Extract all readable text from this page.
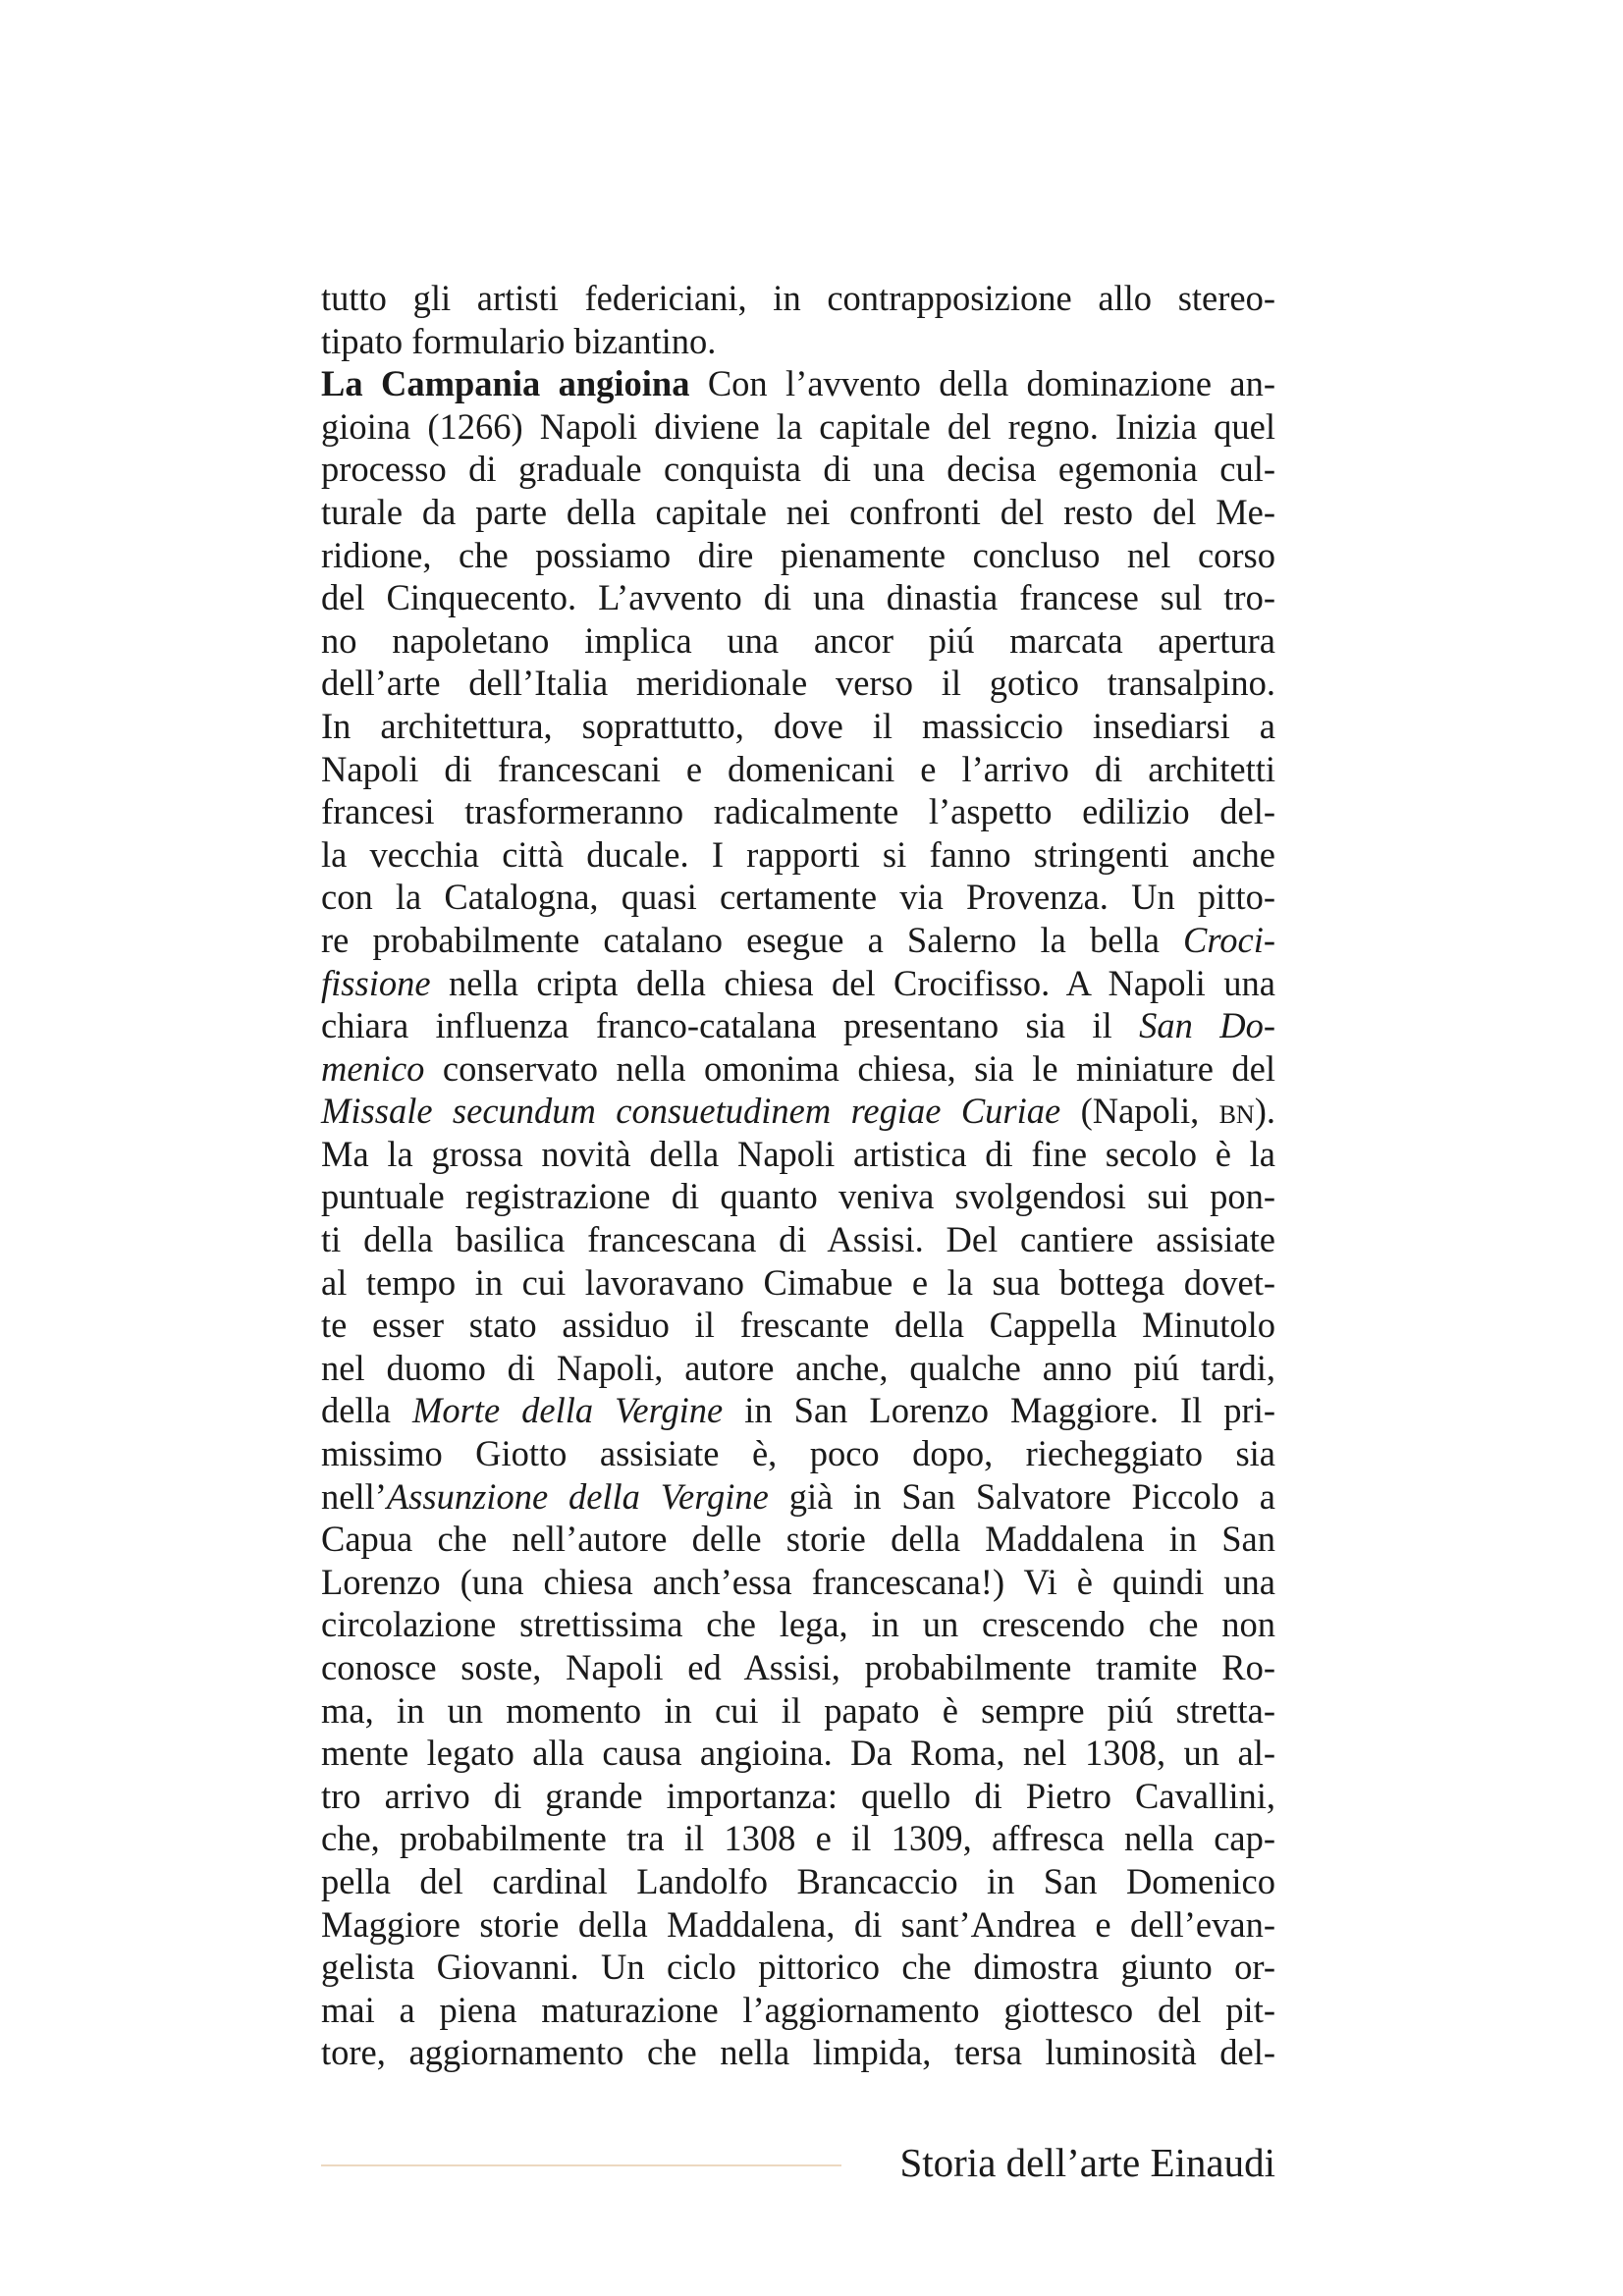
tutto gli artisti federiciani, in contrapposizione allo stereo-
tipato formulario bizantino.
La Campania angioina Con l’avvento della dominazione an-
gioina (1266) Napoli diviene la capitale del regno. Inizia quel
processo di graduale conquista di una decisa egemonia cul-
turale da parte della capitale nei confronti del resto del Me-
ridione, che possiamo dire pienamente concluso nel corso
del Cinquecento. L’avvento di una dinastia francese sul tro-
no napoletano implica una ancor piú marcata apertura
dell’arte dell’Italia meridionale verso il gotico transalpino.
In architettura, soprattutto, dove il massiccio insediarsi a
Napoli di francescani e domenicani e l’arrivo di architetti
francesi trasformeranno radicalmente l’aspetto edilizio del-
la vecchia città ducale. I rapporti si fanno stringenti anche
con la Catalogna, quasi certamente via Provenza. Un pitto-
re probabilmente catalano esegue a Salerno la bella Croci-
fissione nella cripta della chiesa del Crocifisso. A Napoli una
chiara influenza franco-catalana presentano sia il San Do-
menico conservato nella omonima chiesa, sia le miniature del
Missale secundum consuetudinem regiae Curiae (Napoli, bn).
Ma la grossa novità della Napoli artistica di fine secolo è la
puntuale registrazione di quanto veniva svolgendosi sui pon-
ti della basilica francescana di Assisi. Del cantiere assisiate
al tempo in cui lavoravano Cimabue e la sua bottega dovet-
te esser stato assiduo il frescante della Cappella Minutolo
nel duomo di Napoli, autore anche, qualche anno piú tardi,
della Morte della Vergine in San Lorenzo Maggiore. Il pri-
missimo Giotto assisiate è, poco dopo, riecheggiato sia
nell’Assunzione della Vergine già in San Salvatore Piccolo a
Capua che nell’autore delle storie della Maddalena in San
Lorenzo (una chiesa anch’essa francescana!) Vi è quindi una
circolazione strettissima che lega, in un crescendo che non
conosce soste, Napoli ed Assisi, probabilmente tramite Ro-
ma, in un momento in cui il papato è sempre piú stretta-
mente legato alla causa angioina. Da Roma, nel 1308, un al-
tro arrivo di grande importanza: quello di Pietro Cavallini,
che, probabilmente tra il 1308 e il 1309, affresca nella cap-
pella del cardinal Landolfo Brancaccio in San Domenico
Maggiore storie della Maddalena, di sant’Andrea e dell’evan-
gelista Giovanni. Un ciclo pittorico che dimostra giunto or-
mai a piena maturazione l’aggiornamento giottesco del pit-
tore, aggiornamento che nella limpida, tersa luminosità del-
Storia dell’arte Einaudi
